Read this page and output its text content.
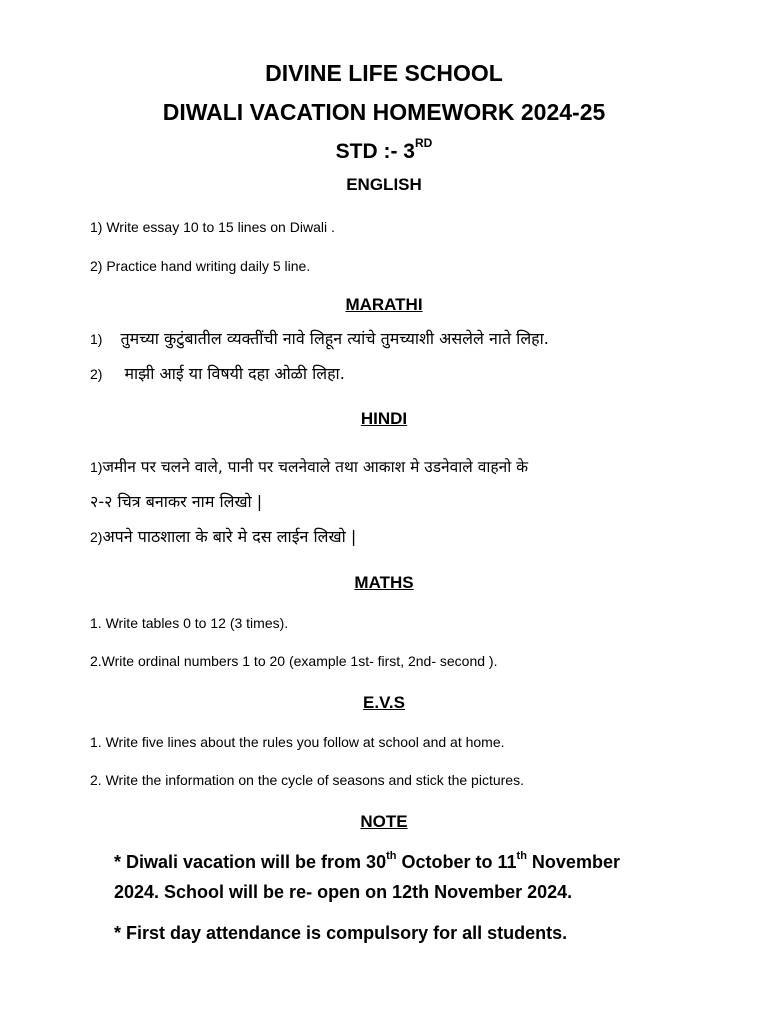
DIVINE LIFE SCHOOL
DIWALI VACATION HOMEWORK 2024-25
STD :- 3RD
ENGLISH
1) Write essay 10 to 15 lines on Diwali .
2) Practice hand writing daily 5 line.
MARATHI
1) तुमच्या कुटुंबातील व्यक्तींची नावे लिहून त्यांचे तुमच्याशी असलेले नाते लिहा.
2) माझी आई या विषयी दहा ओळी लिहा.
HINDI
1)जमीन पर चलने वाले, पानी पर चलनेवाले तथा आकाश मे उडनेवाले वाहनो के
२-२ चित्र बनाकर नाम लिखो |
2)अपने पाठशाला के बारे मे दस लाईन लिखो |
MATHS
1. Write tables 0 to 12 (3 times).
2.Write ordinal numbers 1 to 20 (example 1st- first, 2nd- second ).
E.V.S
1. Write five lines about the rules you follow at school and at home.
2. Write the information on the cycle of seasons and stick the pictures.
NOTE
* Diwali vacation will be from 30th October to 11th November
2024. School will be re- open on 12th November 2024.
* First day attendance is compulsory for all students.
